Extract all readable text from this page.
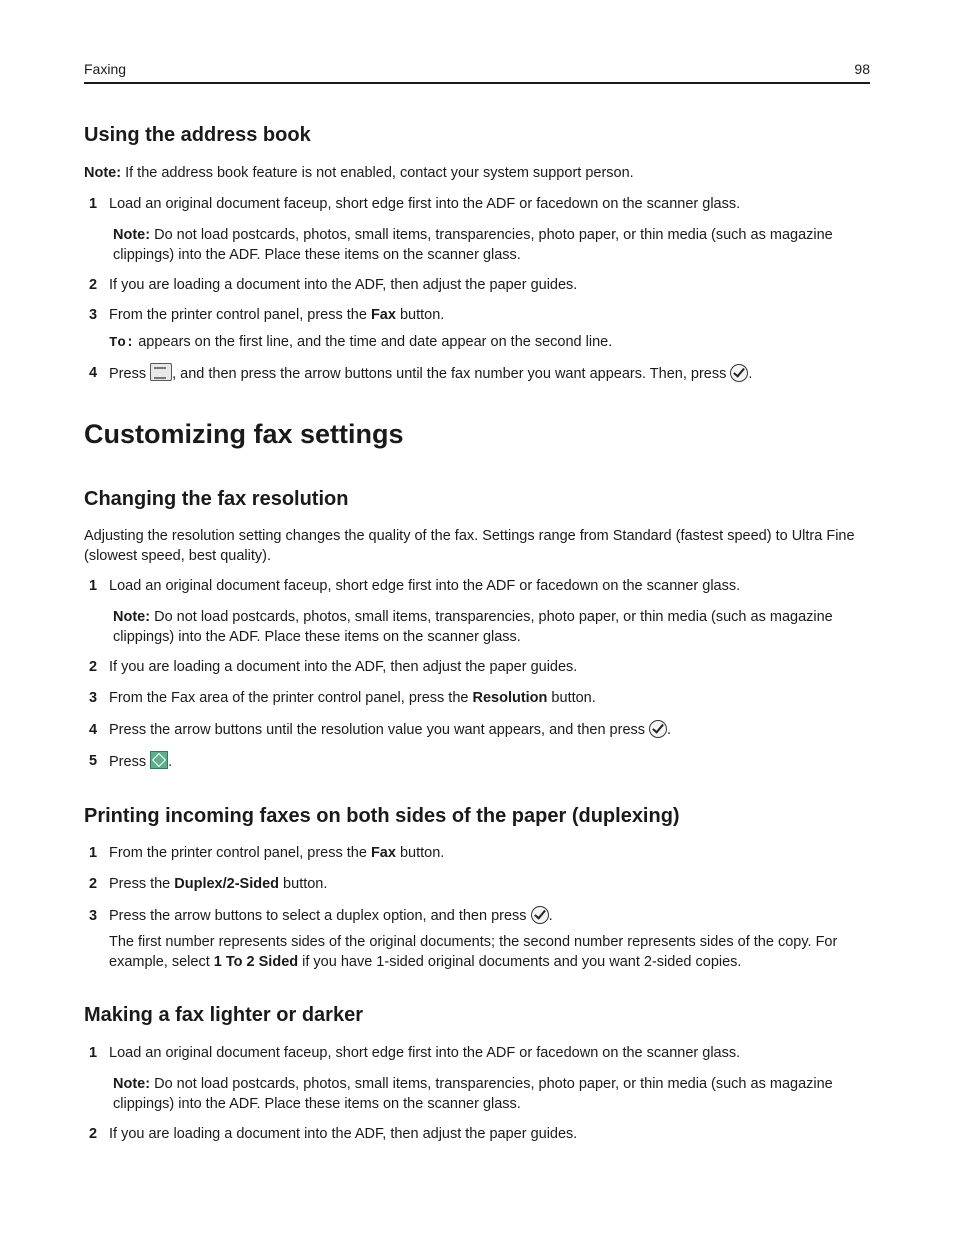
Faxing	98
Using the address book
Note: If the address book feature is not enabled, contact your system support person.
1 Load an original document faceup, short edge first into the ADF or facedown on the scanner glass.
Note: Do not load postcards, photos, small items, transparencies, photo paper, or thin media (such as magazine clippings) into the ADF. Place these items on the scanner glass.
2 If you are loading a document into the ADF, then adjust the paper guides.
3 From the printer control panel, press the Fax button.
To: appears on the first line, and the time and date appear on the second line.
4 Press , and then press the arrow buttons until the fax number you want appears. Then, press .
Customizing fax settings
Changing the fax resolution
Adjusting the resolution setting changes the quality of the fax. Settings range from Standard (fastest speed) to Ultra Fine (slowest speed, best quality).
1 Load an original document faceup, short edge first into the ADF or facedown on the scanner glass.
Note: Do not load postcards, photos, small items, transparencies, photo paper, or thin media (such as magazine clippings) into the ADF. Place these items on the scanner glass.
2 If you are loading a document into the ADF, then adjust the paper guides.
3 From the Fax area of the printer control panel, press the Resolution button.
4 Press the arrow buttons until the resolution value you want appears, and then press .
5 Press .
Printing incoming faxes on both sides of the paper (duplexing)
1 From the printer control panel, press the Fax button.
2 Press the Duplex/2-Sided button.
3 Press the arrow buttons to select a duplex option, and then press .
The first number represents sides of the original documents; the second number represents sides of the copy. For example, select 1 To 2 Sided if you have 1-sided original documents and you want 2-sided copies.
Making a fax lighter or darker
1 Load an original document faceup, short edge first into the ADF or facedown on the scanner glass.
Note: Do not load postcards, photos, small items, transparencies, photo paper, or thin media (such as magazine clippings) into the ADF. Place these items on the scanner glass.
2 If you are loading a document into the ADF, then adjust the paper guides.
